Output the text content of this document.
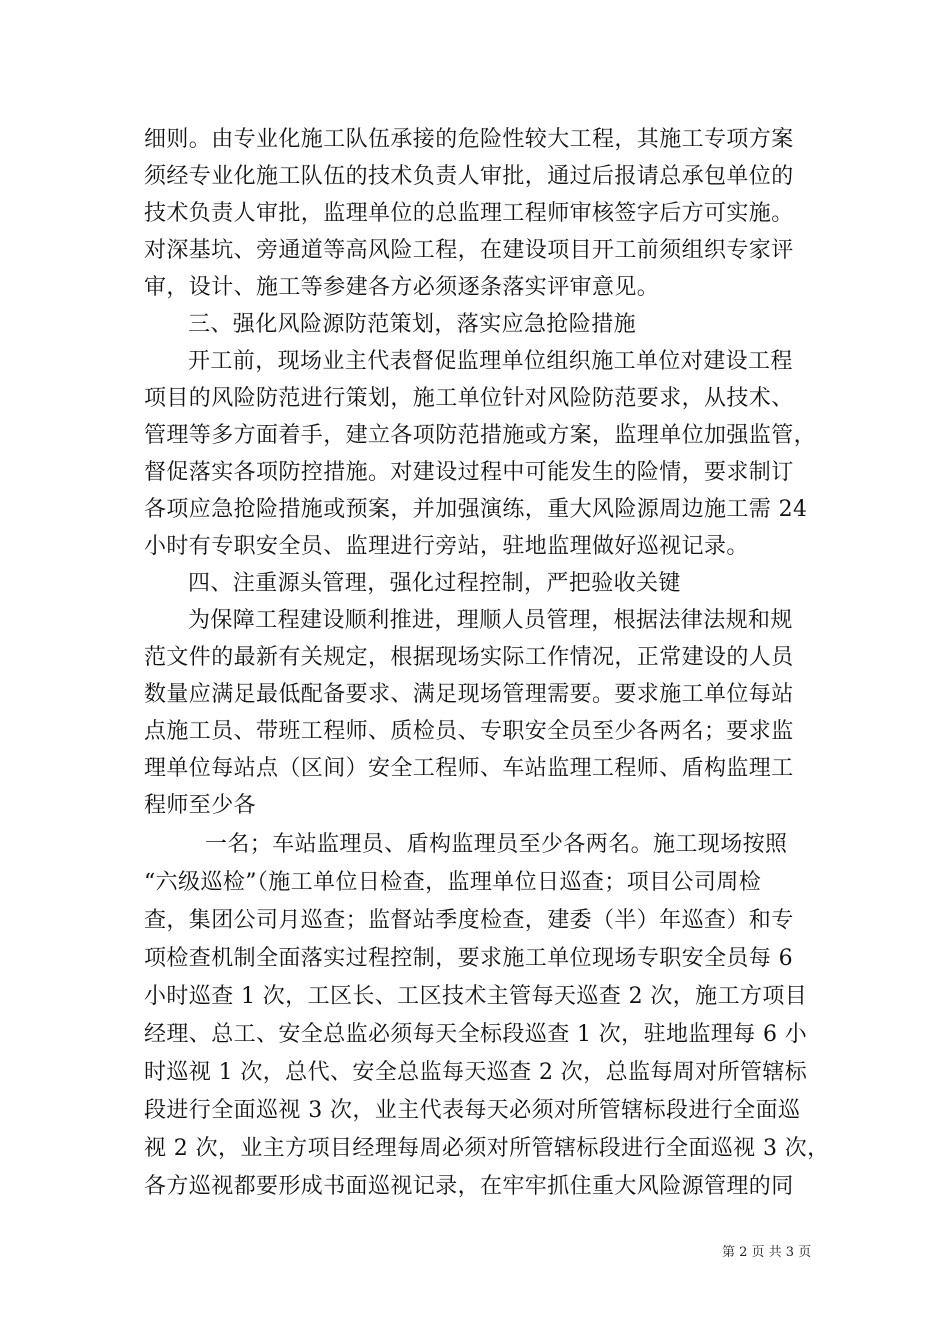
细则。由专业化施工队伍承接的危险性较大工程，其施工专项方案
须经专业化施工队伍的技术负责人审批，通过后报请总承包单位的
技术负责人审批，监理单位的总监理工程师审核签字后方可实施。
对深基坑、旁通道等高风险工程，在建设项目开工前须组织专家评
审，设计、施工等参建各方必须逐条落实评审意见。
三、强化风险源防范策划，落实应急抢险措施
开工前，现场业主代表督促监理单位组织施工单位对建设工程
项目的风险防范进行策划，施工单位针对风险防范要求，从技术、
管理等多方面着手，建立各项防范措施或方案，监理单位加强监管，
督促落实各项防控措施。对建设过程中可能发生的险情，要求制订
各项应急抢险措施或预案，并加强演练，重大风险源周边施工需 24
小时有专职安全员、监理进行旁站，驻地监理做好巡视记录。
四、注重源头管理，强化过程控制，严把验收关键
为保障工程建设顺利推进，理顺人员管理，根据法律法规和规
范文件的最新有关规定，根据现场实际工作情况，正常建设的人员
数量应满足最低配备要求、满足现场管理需要。要求施工单位每站
点施工员、带班工程师、质检员、专职安全员至少各两名；要求监
理单位每站点（区间）安全工程师、车站监理工程师、盾构监理工
程师至少各
一名；车站监理员、盾构监理员至少各两名。施工现场按照
“六级巡检”（施工单位日检查，监理单位日巡查；项目公司周检
查，集团公司月巡查；监督站季度检查，建委（半）年巡查）和专
项检查机制全面落实过程控制，要求施工单位现场专职安全员每 6
小时巡查 1 次，工区长、工区技术主管每天巡查 2 次，施工方项目
经理、总工、安全总监必须每天全标段巡查 1 次，驻地监理每 6 小
时巡视 1 次，总代、安全总监每天巡查 2 次，总监每周对所管辖标
段进行全面巡视 3 次，业主代表每天必须对所管辖标段进行全面巡
视 2 次，业主方项目经理每周必须对所管辖标段进行全面巡视 3 次，
各方巡视都要形成书面巡视记录，在牢牢抓住重大风险源管理的同
第 2 页 共 3 页
